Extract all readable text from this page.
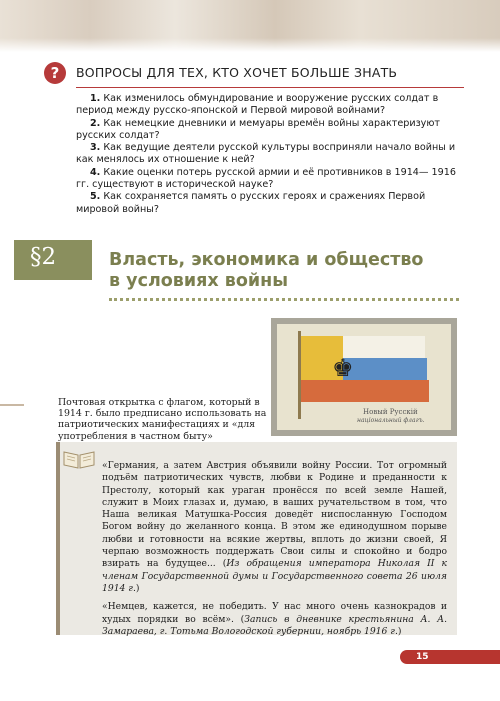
?	ВОПРОСЫ ДЛЯ ТЕХ, КТО ХОЧЕТ БОЛЬШЕ ЗНАТЬ

1. Как изменилось обмундирование и вооружение русских солдат в период между русско-японской и Первой мировой войнами?

2. Как немецкие дневники и мемуары времён войны характеризуют русских солдат?

3. Как ведущие деятели русской культуры восприняли начало войны и как менялось их отношение к ней?

4. Какие оценки потерь русской армии и её противников в 1914— 1916 гг. существуют в исторической науке?

5. Как сохраняется память о русских героях и сражениях Первой мировой войны?

§2	Власть, экономика и общество
в условиях войны
♚
Новый Русскій
національный флагъ.
Почтовая открытка с флагом, который в 1914 г. было предписано использовать на патриотических манифестациях и «для употребления в частном быту»

«Германия, а затем Австрия объявили войну России. Тот огромный подъём патриотических чувств, любви к Родине и преданности к Престолу, который как ураган пронёсся по всей земле Нашей, служит в Моих глазах и, думаю, в ваших ручательством в том, что Наша великая Матушка-Россия доведёт ниспосланную Господом Богом войну до желанного конца. В этом же единодушном порыве любви и готовности на всякие жертвы, вплоть до жизни своей, Я черпаю возможность поддержать Свои силы и спокойно и бодро взирать на будущее... (Из обращения императора Николая II к членам Государственной думы и Государственного совета 26 июля 1914 г.)

«Немцев, кажется, не победить. У нас много очень казнокрадов и худых порядки во всём». (Запись в дневнике крестьянина А. А. Замараева, г. Тотьма Вологодской губернии, ноябрь 1916 г.)

15
